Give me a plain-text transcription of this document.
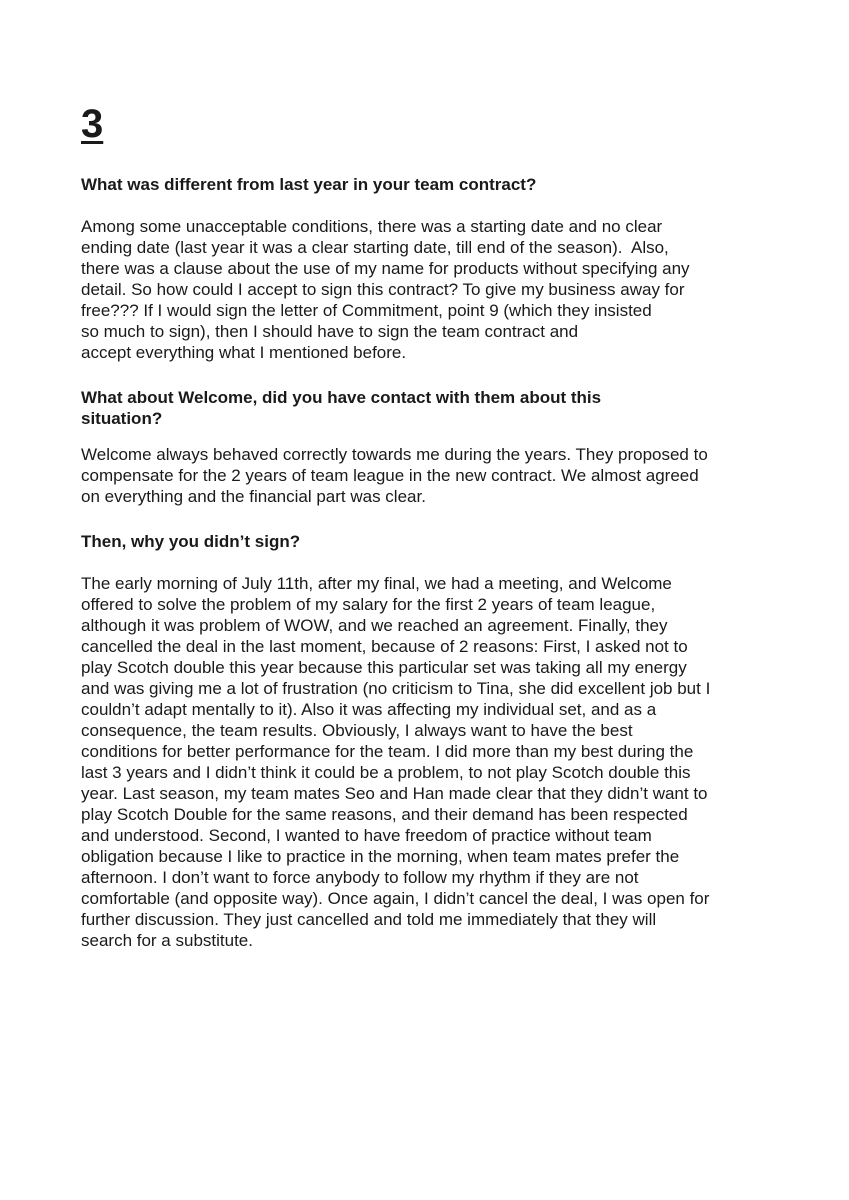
3
What was different from last year in your team contract?
Among some unacceptable conditions, there was a starting date and no clear
ending date (last year it was a clear starting date, till end of the season).  Also,
there was a clause about the use of my name for products without specifying any
detail. So how could I accept to sign this contract? To give my business away for
free??? If I would sign the letter of Commitment, point 9 (which they insisted
so much to sign), then I should have to sign the team contract and
accept everything what I mentioned before.
What about Welcome, did you have contact with them about this
situation?
Welcome always behaved correctly towards me during the years. They proposed to
compensate for the 2 years of team league in the new contract. We almost agreed
on everything and the financial part was clear.
Then, why you didn’t sign?
The early morning of July 11th, after my final, we had a meeting, and Welcome
offered to solve the problem of my salary for the first 2 years of team league,
although it was problem of WOW, and we reached an agreement. Finally, they
cancelled the deal in the last moment, because of 2 reasons: First, I asked not to
play Scotch double this year because this particular set was taking all my energy
and was giving me a lot of frustration (no criticism to Tina, she did excellent job but I
couldn’t adapt mentally to it). Also it was affecting my individual set, and as a
consequence, the team results. Obviously, I always want to have the best
conditions for better performance for the team. I did more than my best during the
last 3 years and I didn’t think it could be a problem, to not play Scotch double this
year. Last season, my team mates Seo and Han made clear that they didn’t want to
play Scotch Double for the same reasons, and their demand has been respected
and understood. Second, I wanted to have freedom of practice without team
obligation because I like to practice in the morning, when team mates prefer the
afternoon. I don’t want to force anybody to follow my rhythm if they are not
comfortable (and opposite way). Once again, I didn’t cancel the deal, I was open for
further discussion. They just cancelled and told me immediately that they will
search for a substitute.
